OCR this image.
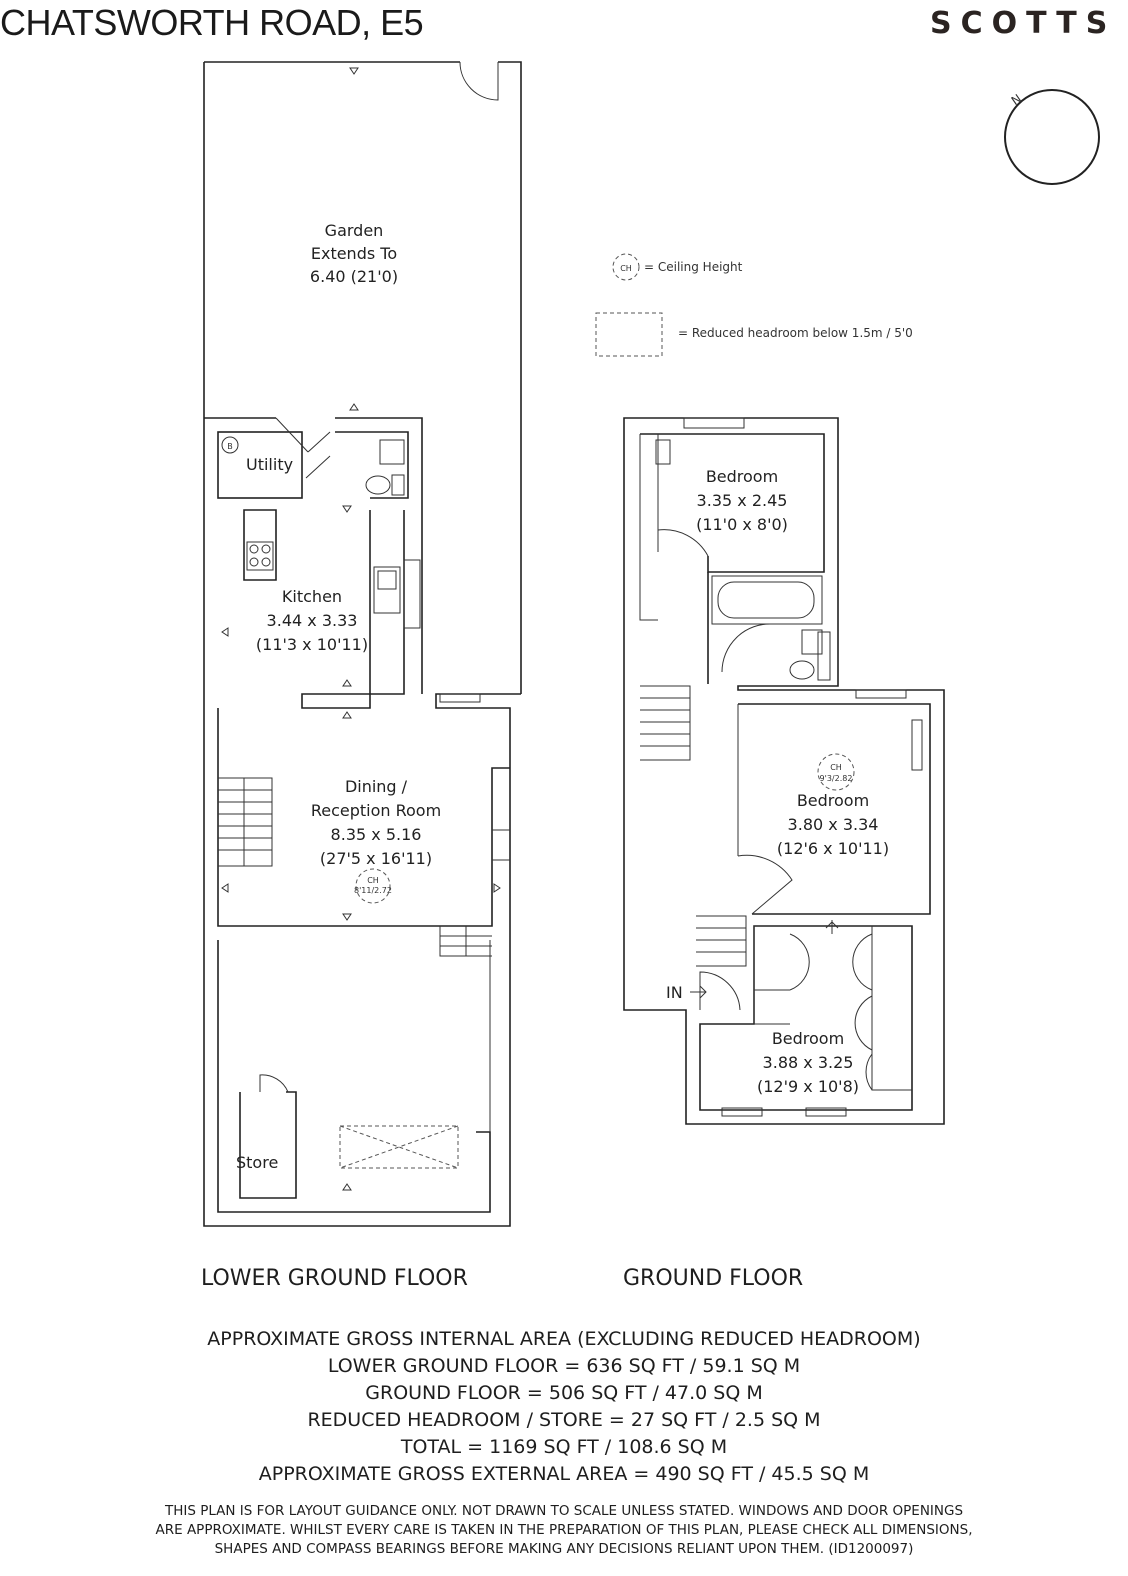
CHATSWORTH ROAD, E5	SCOTTS
N
CH = Ceiling Height
= Reduced headroom below 1.5m / 5'0
B
Utility
Kitchen
3.44 x 3.33
(11'3 x 10'11)
Dining /
Reception Room
8.35 x 5.16
(27'5 x 16'11)
CH
8'11/2.72
Store
Garden
Extends To
6.40 (21'0)
Bedroom
3.35 x 2.45
(11'0 x 8'0)
CH
9'3/2.82
Bedroom
3.80 x 3.34
(12'6 x 10'11)
IN
Bedroom
3.88 x 3.25
(12'9 x 10'8)
LOWER GROUND FLOOR	GROUND FLOOR
APPROXIMATE GROSS INTERNAL AREA (EXCLUDING REDUCED HEADROOM)
LOWER GROUND FLOOR = 636 SQ FT / 59.1 SQ M
GROUND FLOOR = 506 SQ FT / 47.0 SQ M
REDUCED HEADROOM / STORE = 27 SQ FT / 2.5 SQ M
TOTAL = 1169 SQ FT / 108.6 SQ M
APPROXIMATE GROSS EXTERNAL AREA = 490 SQ FT / 45.5 SQ M
THIS PLAN IS FOR LAYOUT GUIDANCE ONLY. NOT DRAWN TO SCALE UNLESS STATED. WINDOWS AND DOOR OPENINGS
ARE APPROXIMATE. WHILST EVERY CARE IS TAKEN IN THE PREPARATION OF THIS PLAN, PLEASE CHECK ALL DIMENSIONS,
SHAPES AND COMPASS BEARINGS BEFORE MAKING ANY DECISIONS RELIANT UPON THEM. (ID1200097)
